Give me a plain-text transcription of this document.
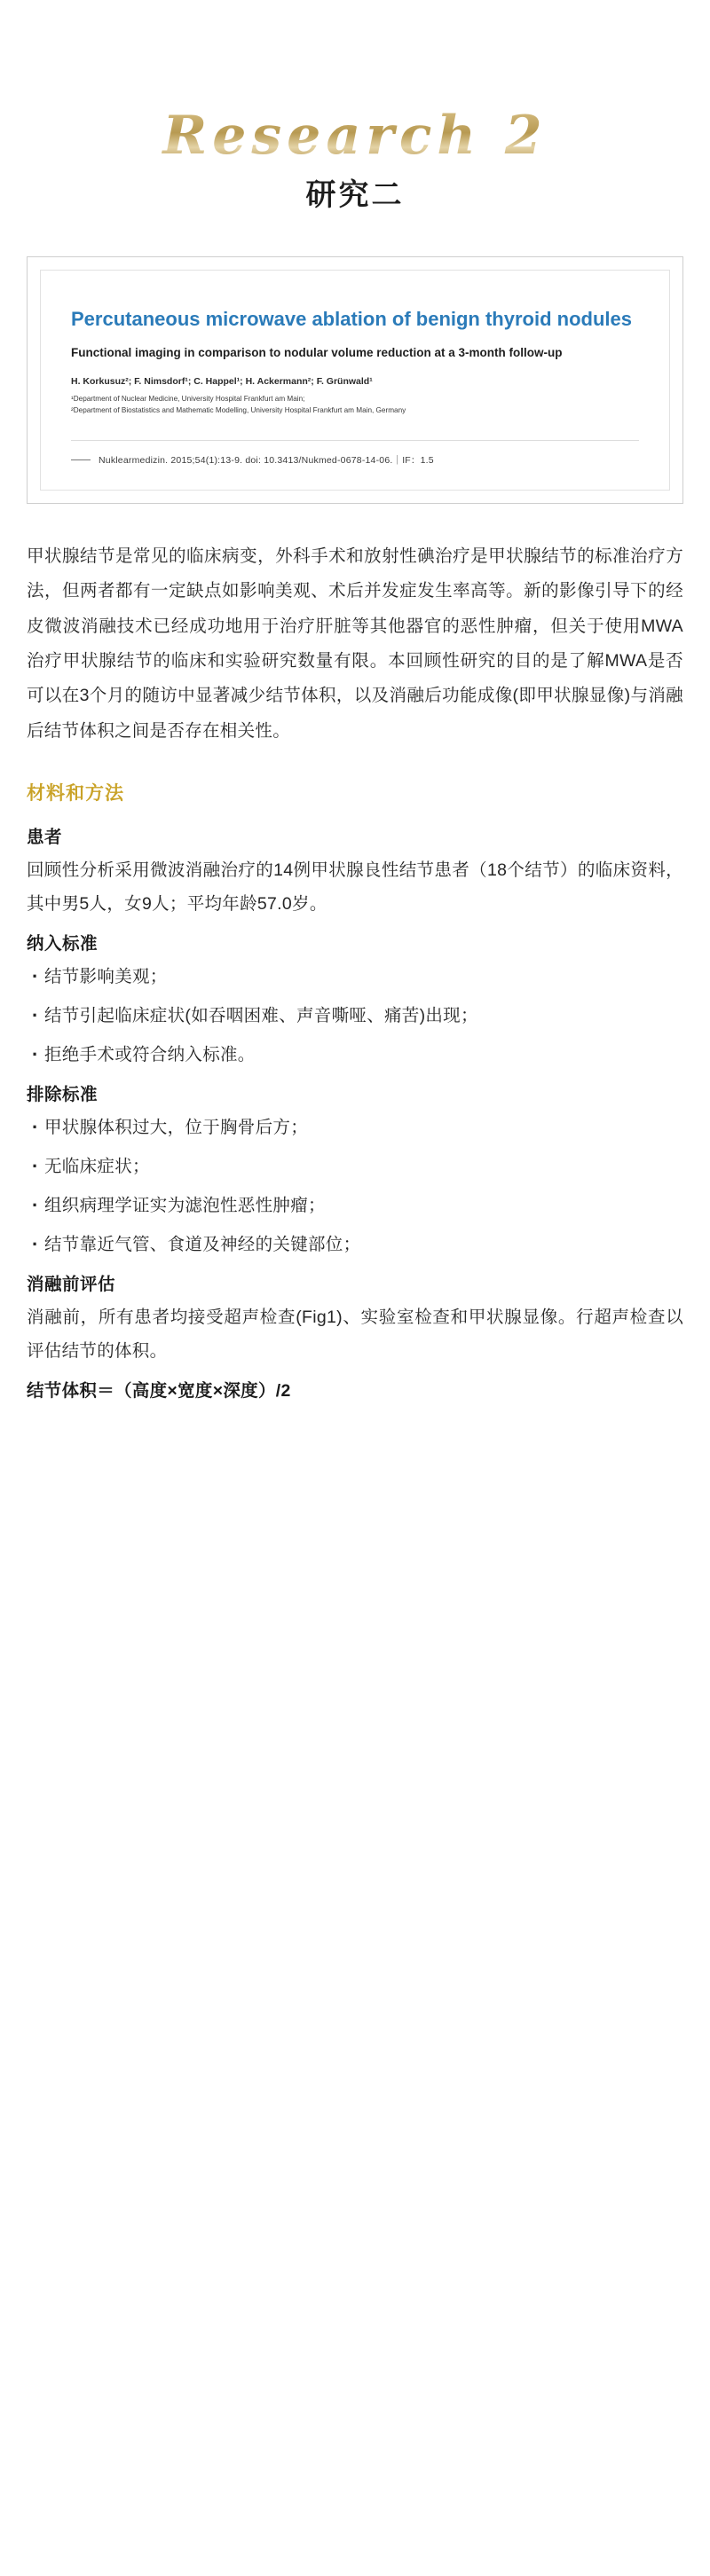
Research 2
研究二
Percutaneous microwave ablation of benign thyroid nodules
Functional imaging in comparison to nodular volume reduction at a 3-month follow-up
H. Korkusuz²; F. Nimsdorf¹; C. Happel¹; H. Ackermann²; F. Grünwald¹
¹Department of Nuclear Medicine, University Hospital Frankfurt am Main;
²Department of Biostatistics and Mathematic Modelling, University Hospital Frankfurt am Main, Germany
Nuklearmedizin. 2015;54(1):13-9. doi: 10.3413/Nukmed-0678-14-06.｜IF：1.5

甲状腺结节是常见的临床病变，外科手术和放射性碘治疗是甲状腺结节的标准治疗方法，但两者都有一定缺点如影响美观、术后并发症发生率高等。新的影像引导下的经皮微波消融技术已经成功地用于治疗肝脏等其他器官的恶性肿瘤，但关于使用MWA治疗甲状腺结节的临床和实验研究数量有限。本回顾性研究的目的是了解MWA是否可以在3个月的随访中显著减少结节体积，以及消融后功能成像(即甲状腺显像)与消融后结节体积之间是否存在相关性。

材料和方法
患者

回顾性分析采用微波消融治疗的14例甲状腺良性结节患者（18个结节）的临床资料，其中男5人，女9人；平均年龄57.0岁。

纳入标准
· 结节影响美观；
· 结节引起临床症状(如吞咽困难、声音嘶哑、痛苦)出现；
· 拒绝手术或符合纳入标准。
排除标准
· 甲状腺体积过大，位于胸骨后方；
· 无临床症状；
· 组织病理学证实为滤泡性恶性肿瘤；
· 结节靠近气管、食道及神经的关键部位；
消融前评估

消融前，所有患者均接受超声检查(Fig1)、实验室检查和甲状腺显像。行超声检查以评估结节的体积。

结节体积＝（高度×宽度×深度）/2
